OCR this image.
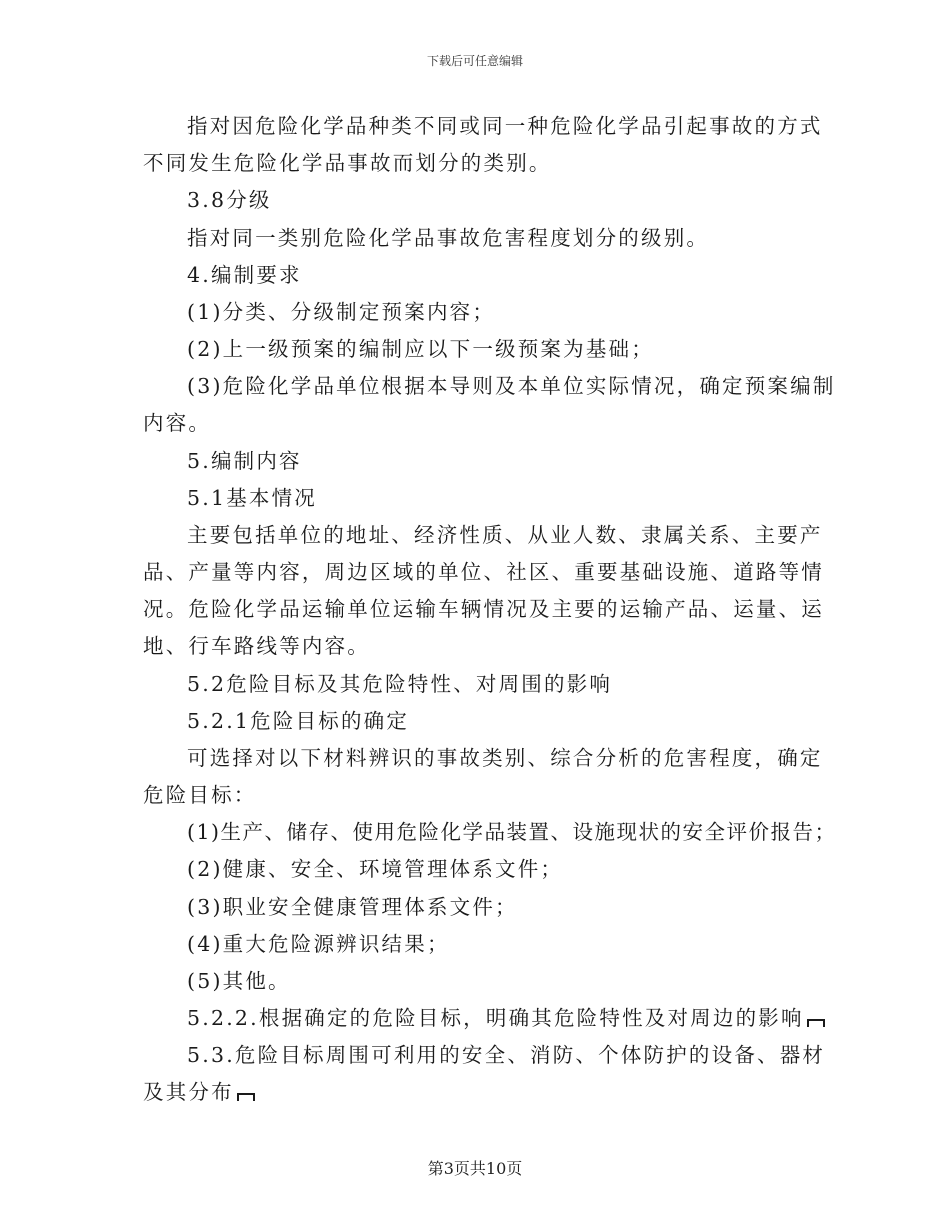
下载后可任意编辑
指对因危险化学品种类不同或同一种危险化学品引起事故的方式
不同发生危险化学品事故而划分的类别。
3.8分级
指对同一类别危险化学品事故危害程度划分的级别。
4.编制要求
(1)分类、分级制定预案内容；
(2)上一级预案的编制应以下一级预案为基础；
(3)危险化学品单位根据本导则及本单位实际情况，确定预案编制
内容。
5.编制内容
5.1基本情况
主要包括单位的地址、经济性质、从业人数、隶属关系、主要产
品、产量等内容，周边区域的单位、社区、重要基础设施、道路等情
况。危险化学品运输单位运输车辆情况及主要的运输产品、运量、运
地、行车路线等内容。
5.2危险目标及其危险特性、对周围的影响
5.2.1危险目标的确定
可选择对以下材料辨识的事故类别、综合分析的危害程度，确定
危险目标：
(1)生产、储存、使用危险化学品装置、设施现状的安全评价报告；
(2)健康、安全、环境管理体系文件；
(3)职业安全健康管理体系文件；
(4)重大危险源辨识结果；
(5)其他。
5.2.2.根据确定的危险目标，明确其危险特性及对周边的影响
5.3.危险目标周围可利用的安全、消防、个体防护的设备、器材
及其分布
第3页共10页
